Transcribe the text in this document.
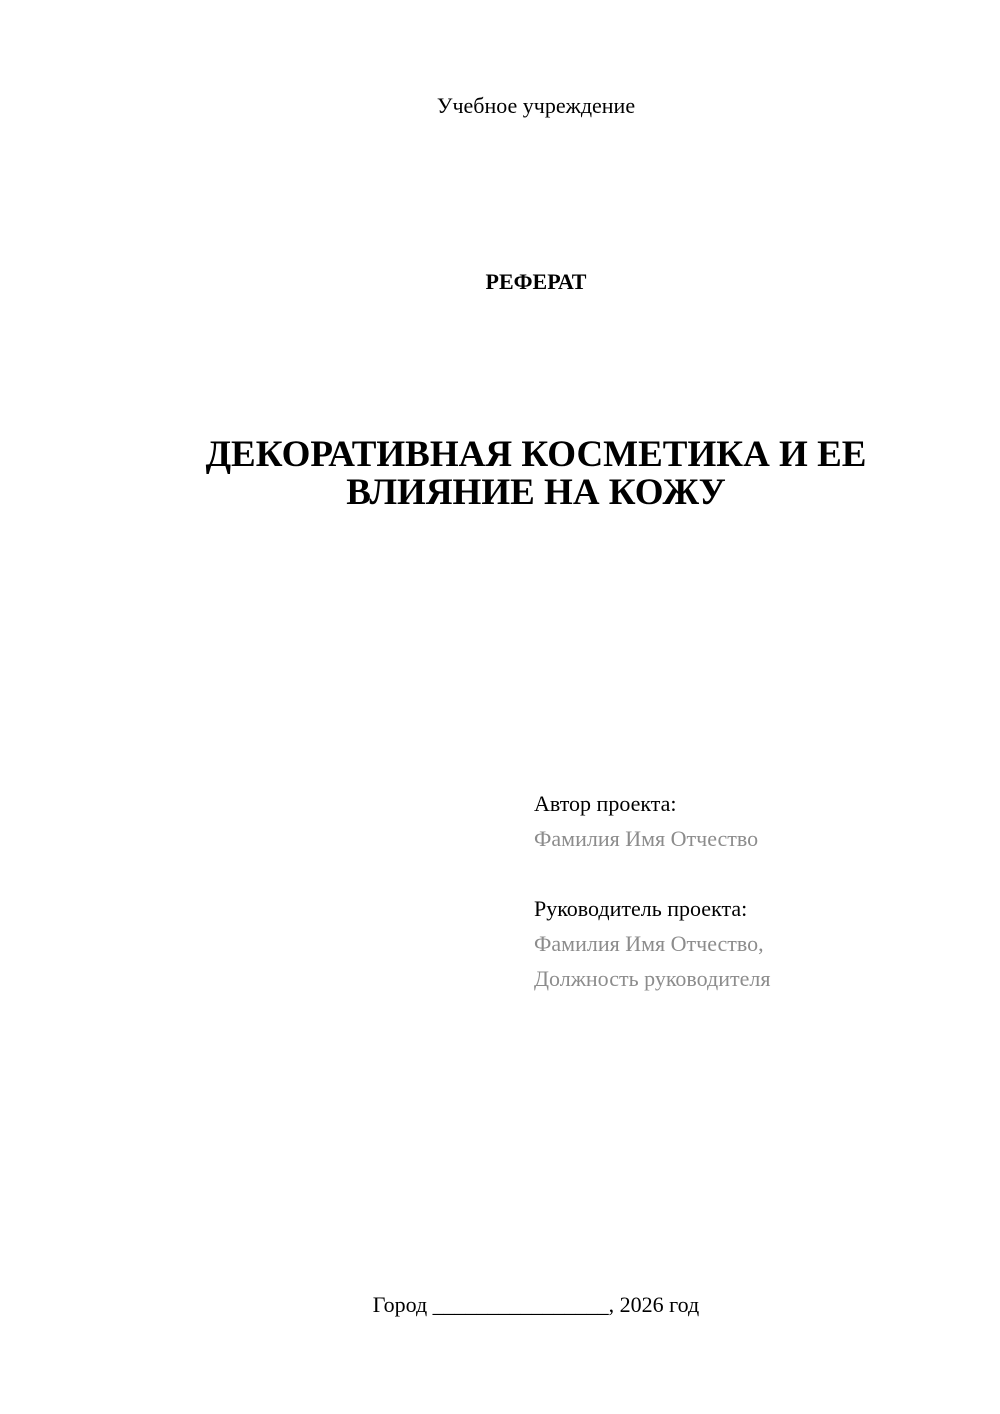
Учебное учреждение
РЕФЕРАТ
ДЕКОРАТИВНАЯ КОСМЕТИКА И ЕЕ
ВЛИЯНИЕ НА КОЖУ
Автор проекта:
Фамилия Имя Отчество
Руководитель проекта:
Фамилия Имя Отчество,
Должность руководителя
Город ________________, 2026 год
